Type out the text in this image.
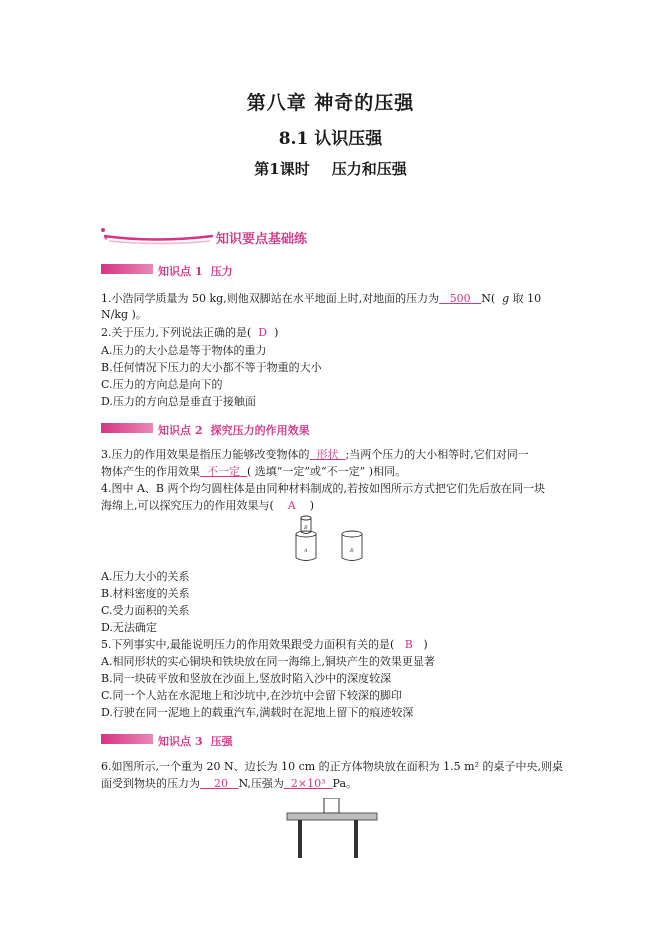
第八章 神奇的压强
8.1 认识压强
第1课时 压力和压强
知识要点基础练
知识点 1 压力
1.小浩同学质量为 50 kg,则他双脚站在水平地面上时,对地面的压力为 500 N( g 取 10
N/kg )。
2.关于压力,下列说法正确的是( D )
A.压力的大小总是等于物体的重力
B.任何情况下压力的大小都不等于物重的大小
C.压力的方向总是向下的
D.压力的方向总是垂直于接触面
知识点 2 探究压力的作用效果
3.压力的作用效果是指压力能够改变物体的 形状 ;当两个压力的大小相等时,它们对同一
物体产生的作用效果 不一定 ( 选填“一定”或“不一定” )相同。
4.图中 A、B 两个均匀圆柱体是由同种材料制成的,若按如图所示方式把它们先后放在同一块
海绵上,可以探究压力的作用效果与( A )
B
A	B
A.压力大小的关系
B.材料密度的关系
C.受力面积的关系
D.无法确定
5.下列事实中,最能说明压力的作用效果跟受力面积有关的是( B )
A.相同形状的实心铜块和铁块放在同一海绵上,铜块产生的效果更显著
B.同一块砖平放和竖放在沙面上,竖放时陷入沙中的深度较深
C.同一个人站在水泥地上和沙坑中,在沙坑中会留下较深的脚印
D.行驶在同一泥地上的载重汽车,满载时在泥地上留下的痕迹较深
知识点 3 压强
6.如图所示,一个重为 20 N、边长为 10 cm 的正方体物块放在面积为 1.5 m² 的桌子中央,则桌
面受到物块的压力为 20 N,压强为 2×10³ Pa。
